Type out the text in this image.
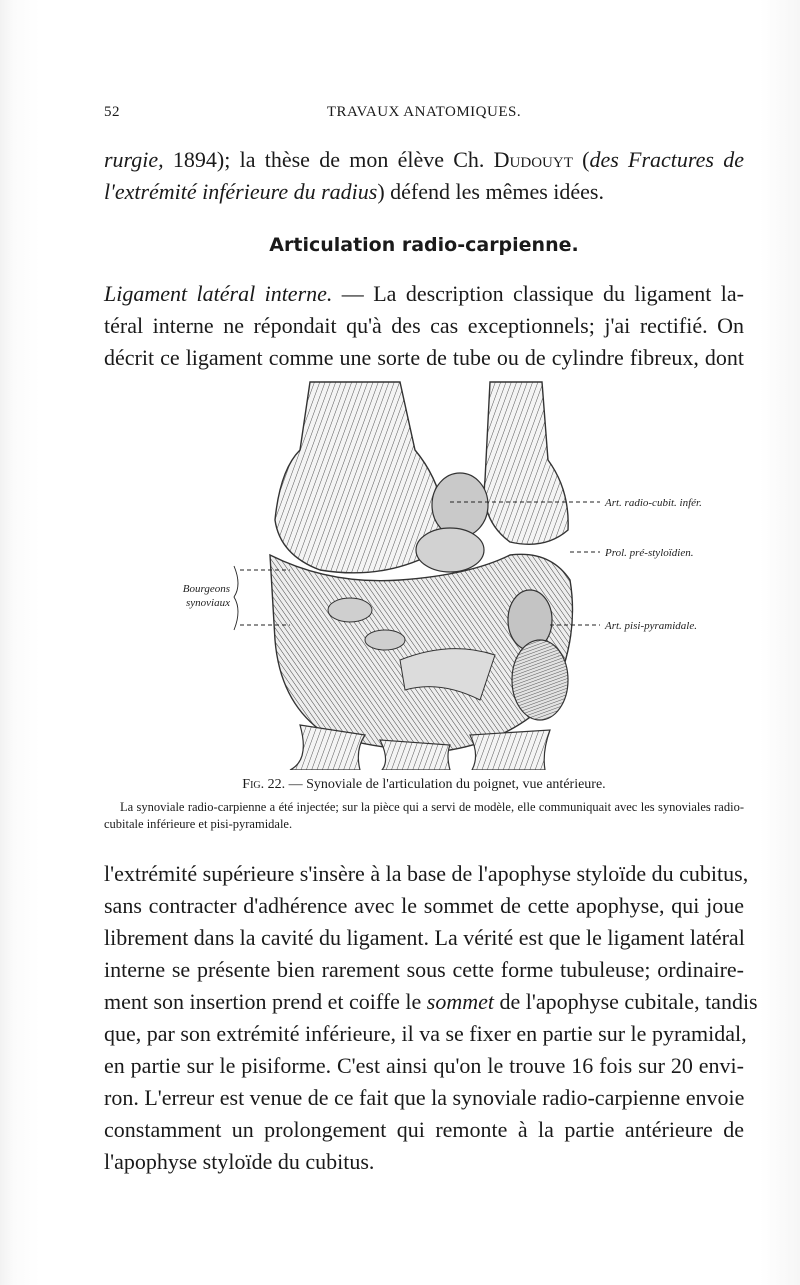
52	TRAVAUX ANATOMIQUES.
rurgie, 1894); la thèse de mon élève Ch. Dudouyt (des Fractures de
l'extrémité inférieure du radius) défend les mêmes idées.
Articulation radio-carpienne.
Ligament latéral interne. — La description classique du ligament la-
téral interne ne répondait qu'à des cas exceptionnels; j'ai rectifié. On
décrit ce ligament comme une sorte de tube ou de cylindre fibreux, dont
Art. radio-cubit. infér.
Prol. pré-styloïdien.
Bourgeons
synoviaux
Art. pisi-pyramidale.
Fig. 22. — Synoviale de l'articulation du poignet, vue antérieure.
La synoviale radio-carpienne a été injectée; sur la pièce qui a servi de modèle, elle communiquait avec les synoviales radio-cubitale inférieure et pisi-pyramidale.
l'extrémité supérieure s'insère à la base de l'apophyse styloïde du cubitus,
sans contracter d'adhérence avec le sommet de cette apophyse, qui joue
librement dans la cavité du ligament. La vérité est que le ligament latéral
interne se présente bien rarement sous cette forme tubuleuse; ordinaire-
ment son insertion prend et coiffe le sommet de l'apophyse cubitale, tandis
que, par son extrémité inférieure, il va se fixer en partie sur le pyramidal,
en partie sur le pisiforme. C'est ainsi qu'on le trouve 16 fois sur 20 envi-
ron. L'erreur est venue de ce fait que la synoviale radio-carpienne envoie
constamment un prolongement qui remonte à la partie antérieure de
l'apophyse styloïde du cubitus.
